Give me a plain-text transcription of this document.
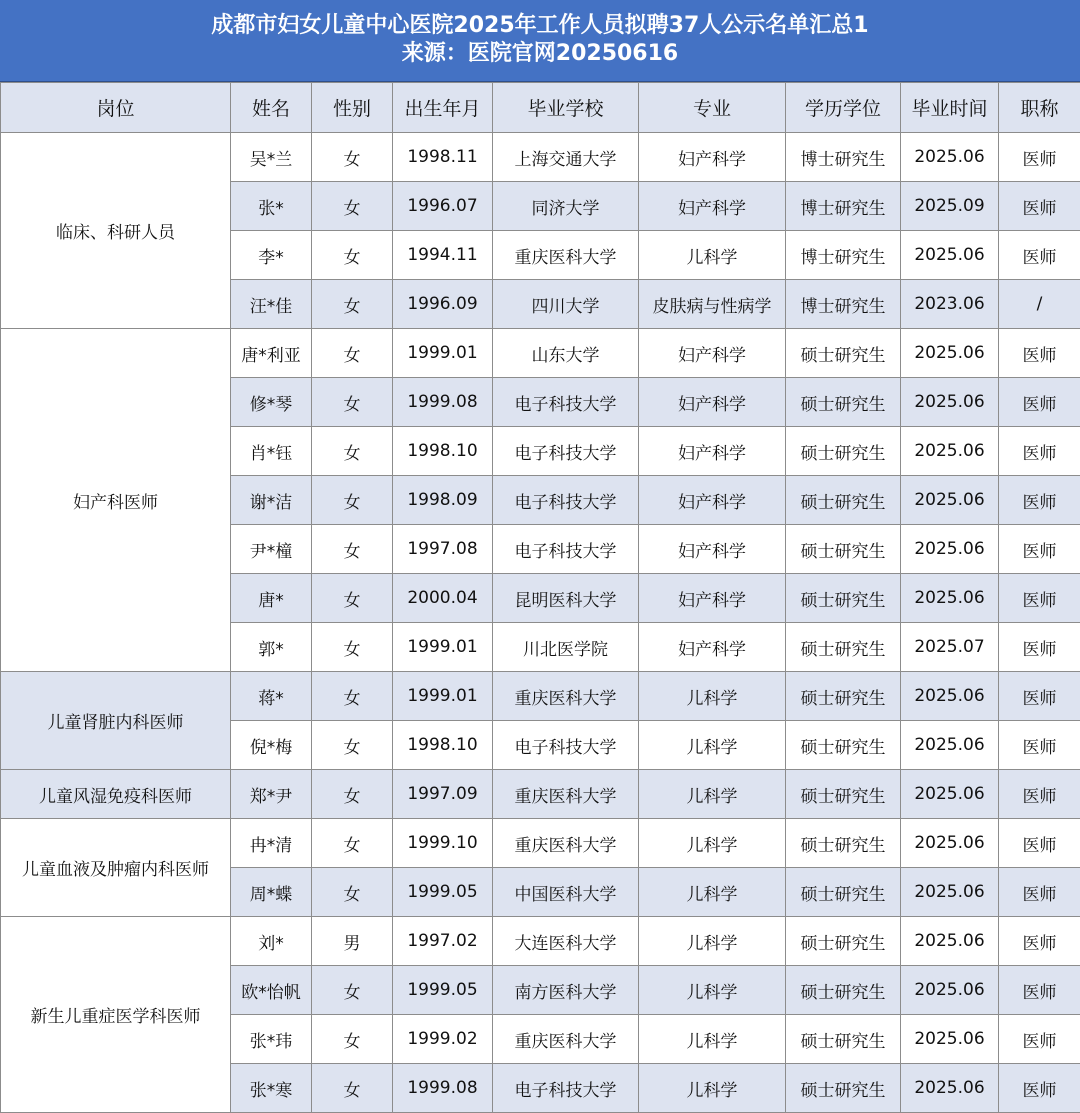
成都市妇女儿童中心医院2025年工作人员拟聘37人公示名单汇总1
来源：医院官网20250616
岗位	姓名	性别	出生年月	毕业学校	专业	学历学位	毕业时间	职称
临床、科研人员	吴*兰	女	1998.11	上海交通大学	妇产科学	博士研究生	2025.06	医师
	张*	女	1996.07	同济大学	妇产科学	博士研究生	2025.09	医师
	李*	女	1994.11	重庆医科大学	儿科学	博士研究生	2025.06	医师
	汪*佳	女	1996.09	四川大学	皮肤病与性病学	博士研究生	2023.06	/
妇产科医师	唐*利亚	女	1999.01	山东大学	妇产科学	硕士研究生	2025.06	医师
	修*琴	女	1999.08	电子科技大学	妇产科学	硕士研究生	2025.06	医师
	肖*钰	女	1998.10	电子科技大学	妇产科学	硕士研究生	2025.06	医师
	谢*洁	女	1998.09	电子科技大学	妇产科学	硕士研究生	2025.06	医师
	尹*橦	女	1997.08	电子科技大学	妇产科学	硕士研究生	2025.06	医师
	唐*	女	2000.04	昆明医科大学	妇产科学	硕士研究生	2025.06	医师
	郭*	女	1999.01	川北医学院	妇产科学	硕士研究生	2025.07	医师
儿童肾脏内科医师	蒋*	女	1999.01	重庆医科大学	儿科学	硕士研究生	2025.06	医师
	倪*梅	女	1998.10	电子科技大学	儿科学	硕士研究生	2025.06	医师
儿童风湿免疫科医师	郑*尹	女	1997.09	重庆医科大学	儿科学	硕士研究生	2025.06	医师
儿童血液及肿瘤内科医师	冉*清	女	1999.10	重庆医科大学	儿科学	硕士研究生	2025.06	医师
	周*蝶	女	1999.05	中国医科大学	儿科学	硕士研究生	2025.06	医师
新生儿重症医学科医师	刘*	男	1997.02	大连医科大学	儿科学	硕士研究生	2025.06	医师
	欧*怡帆	女	1999.05	南方医科大学	儿科学	硕士研究生	2025.06	医师
	张*玮	女	1999.02	重庆医科大学	儿科学	硕士研究生	2025.06	医师
	张*寒	女	1999.08	电子科技大学	儿科学	硕士研究生	2025.06	医师
